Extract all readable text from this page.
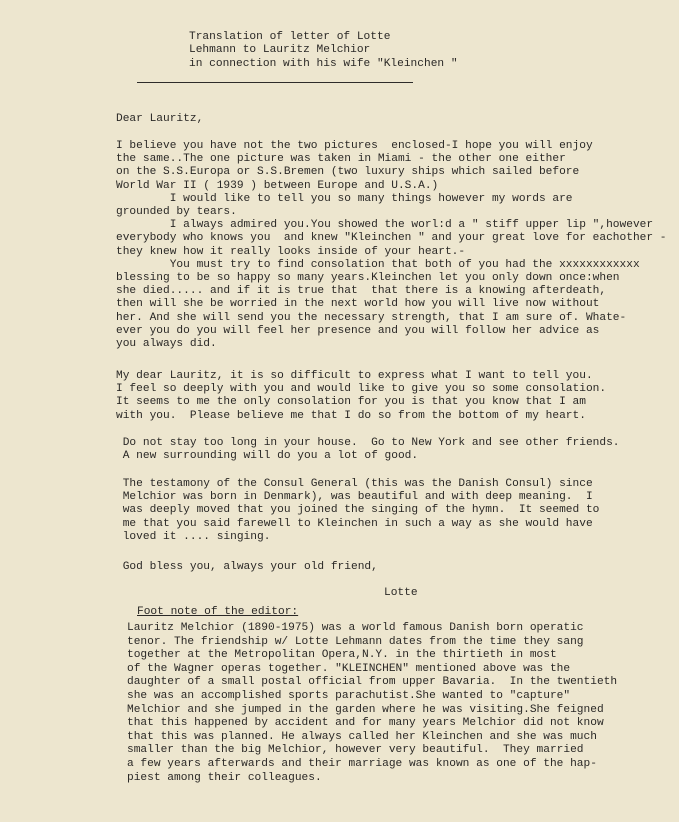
Translation of letter of Lotte
Lehmann to Lauritz Melchior
in connection with his wife "Kleinchen "
Dear Lauritz,
I believe you have not the two pictures  enclosed-I hope you will enjoy
the same..The one picture was taken in Miami - the other one either
on the S.S.Europa or S.S.Bremen (two luxury ships which sailed before
World War II ( 1939 ) between Europe and U.S.A.)
I would like to tell you so many things however my words are
grounded by tears.
I always admired you.You showed the worl:d a " stiff upper lip ",however
everybody who knows you  and knew "Kleinchen " and your great love for eachother -
they knew how it really looks inside of your heart.-
You must try to find consolation that both of you had the xxxxxxxxxxxx
blessing to be so happy so many years.Kleinchen let you only down once:when
she died..... and if it is true that  that there is a knowing afterdeath,
then will she be worried in the next world how you will live now without
her. And she will send you the necessary strength, that I am sure of. Whate-
ever you do you will feel her presence and you will follow her advice as
you always did.
My dear Lauritz, it is so difficult to express what I want to tell you.
I feel so deeply with you and would like to give you so some consolation.
It seems to me the only consolation for you is that you know that I am
with you.  Please believe me that I do so from the bottom of my heart.
Do not stay too long in your house.  Go to New York and see other friends.
A new surrounding will do you a lot of good.
The testamony of the Consul General (this was the Danish Consul) since
Melchior was born in Denmark), was beautiful and with deep meaning.  I
was deeply moved that you joined the singing of the hymn.  It seemed to
me that you said farewell to Kleinchen in such a way as she would have
loved it .... singing.
God bless you, always your old friend,
Lotte
Foot note of the editor:
Lauritz Melchior (1890-1975) was a world famous Danish born operatic
tenor. The friendship w/ Lotte Lehmann dates from the time they sang
together at the Metropolitan Opera,N.Y. in the thirtieth in most
of the Wagner operas together. "KLEINCHEN" mentioned above was the
daughter of a small postal official from upper Bavaria.  In the twentieth
she was an accomplished sports parachutist.She wanted to "capture"
Melchior and she jumped in the garden where he was visiting.She feigned
that this happened by accident and for many years Melchior did not know
that this was planned. He always called her Kleinchen and she was much
smaller than the big Melchior, however very beautiful.  They married
a few years afterwards and their marriage was known as one of the hap-
piest among their colleagues.
